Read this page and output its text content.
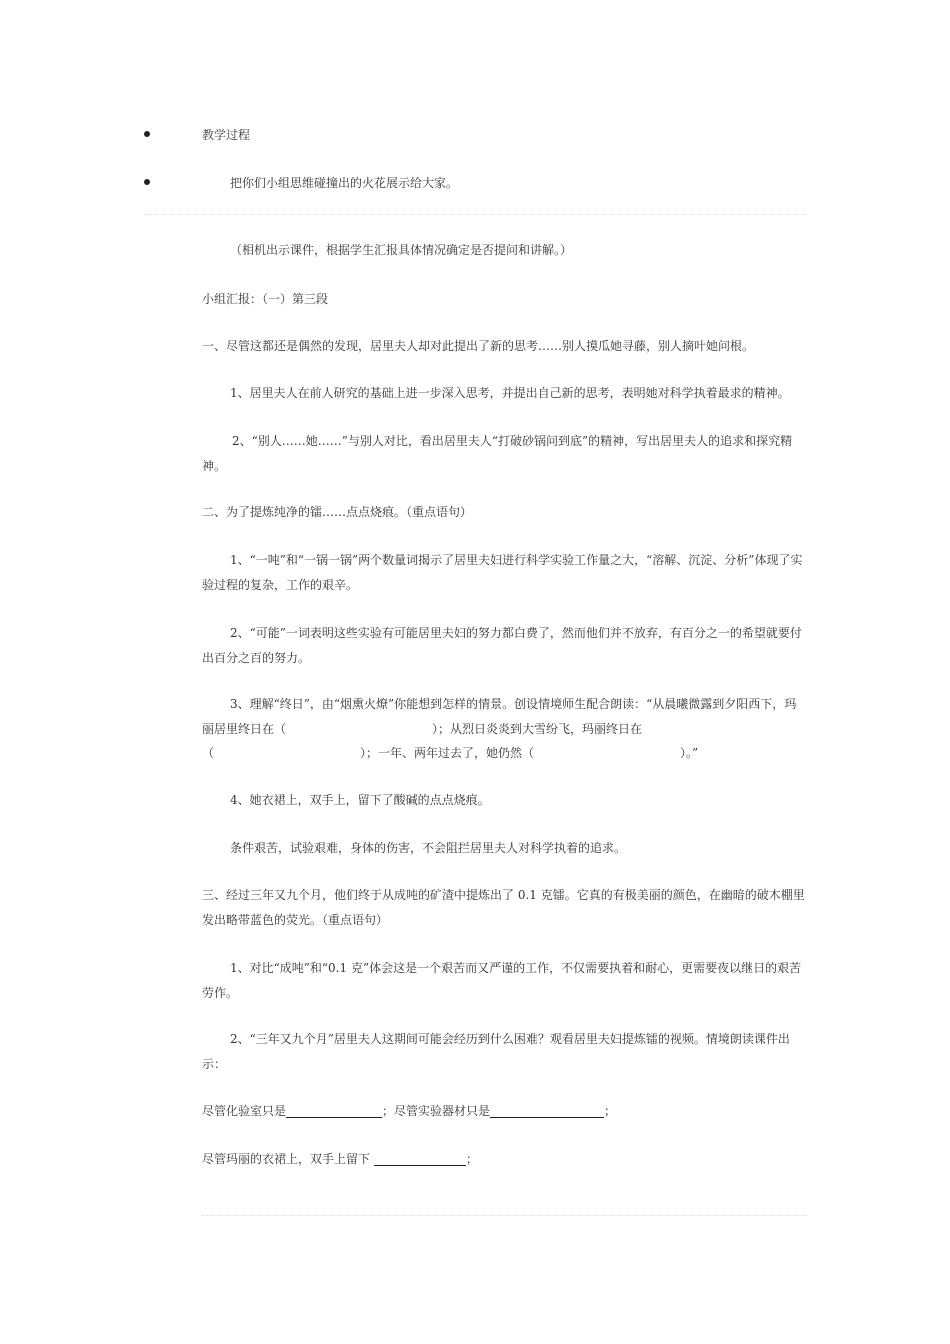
教学过程
把你们小组思维碰撞出的火花展示给大家。
（相机出示课件，根据学生汇报具体情况确定是否提问和讲解。）
小组汇报：（一）第三段
一、尽管这都还是偶然的发现，居里夫人却对此提出了新的思考……别人摸瓜她寻藤，别人摘叶她问根。
1、居里夫人在前人研究的基础上进一步深入思考，并提出自己新的思考，表明她对科学执着最求的精神。
2、“别人……她……”与别人对比，看出居里夫人“打破砂锅问到底”的精神，写出居里夫人的追求和探究精神。
二、为了提炼纯净的镭……点点烧痕。（重点语句）
1、“一吨”和“一锅一锅”两个数量词揭示了居里夫妇进行科学实验工作量之大，“溶解、沉淀、分析”体现了实验过程的复杂，工作的艰辛。
2、“可能”一词表明这些实验有可能居里夫妇的努力都白费了，然而他们并不放弃，有百分之一的希望就要付出百分之百的努力。
3、理解“终日”，由“烟熏火燎”你能想到怎样的情景。创设情境师生配合朗读：“从晨曦微露到夕阳西下，玛丽居里终日在（	）；从烈日炎炎到大雪纷飞，玛丽终日在
（	）；一年、两年过去了，她仍然（	）。”
4、她衣裙上，双手上，留下了酸碱的点点烧痕。
条件艰苦，试验艰难，身体的伤害，不会阻拦居里夫人对科学执着的追求。
三、经过三年又九个月，他们终于从成吨的矿渣中提炼出了 0.1 克镭。它真的有极美丽的颜色，在幽暗的破木棚里发出略带蓝色的荧光。（重点语句）
1、对比“成吨”和“0.1 克”体会这是一个艰苦而又严谨的工作，不仅需要执着和耐心，更需要夜以继日的艰苦劳作。
2、“三年又九个月”居里夫人这期间可能会经历到什么困难？观看居里夫妇提炼镭的视频。情境朗读课件出示：
尽管化验室只是	；尽管实验器材只是	；
尽管玛丽的衣裙上，双手上留下	；
